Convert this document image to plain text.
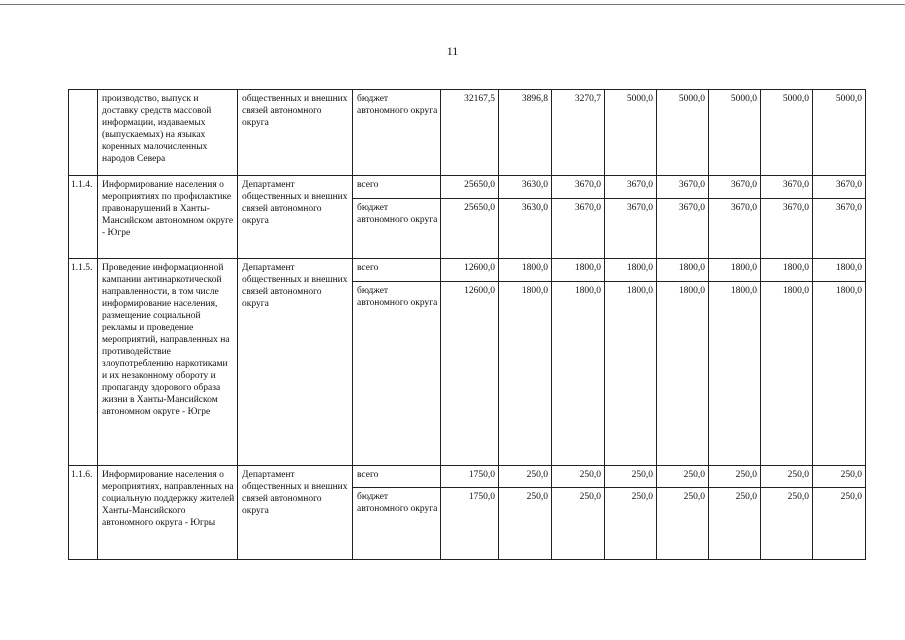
11
	производство, выпуск и доставку средств массовой информации, издаваемых (выпускаемых) на языках коренных малочисленных народов Севера	общественных и внешних связей автономного округа	бюджет автономного округа	32167,5	3896,8	3270,7	5000,0	5000,0	5000,0	5000,0	5000,0
1.1.4.	Информирование населения о мероприятиях по профилактике правонарушений в Ханты-Мансийском автономном округе - Югре	Департамент общественных и внешних связей автономного округа	всего	25650,0	3630,0	3670,0	3670,0	3670,0	3670,0	3670,0	3670,0
			бюджет автономного округа	25650,0	3630,0	3670,0	3670,0	3670,0	3670,0	3670,0	3670,0
1.1.5.	Проведение информационной кампании антинаркотической направленности, в том числе информирование населения, размещение социальной рекламы и проведение мероприятий, направленных на противодействие злоупотреблению наркотиками и их незаконному обороту и пропаганду здорового образа жизни в Ханты-Мансийском автономном округе - Югре	Департамент общественных и внешних связей автономного округа	всего	12600,0	1800,0	1800,0	1800,0	1800,0	1800,0	1800,0	1800,0
			бюджет автономного округа	12600,0	1800,0	1800,0	1800,0	1800,0	1800,0	1800,0	1800,0
1.1.6.	Информирование населения о мероприятиях, направленных на социальную поддержку жителей Ханты-Мансийского автономного округа - Югры	Департамент общественных и внешних связей автономного округа	всего	1750,0	250,0	250,0	250,0	250,0	250,0	250,0	250,0
			бюджет автономного округа	1750,0	250,0	250,0	250,0	250,0	250,0	250,0	250,0
